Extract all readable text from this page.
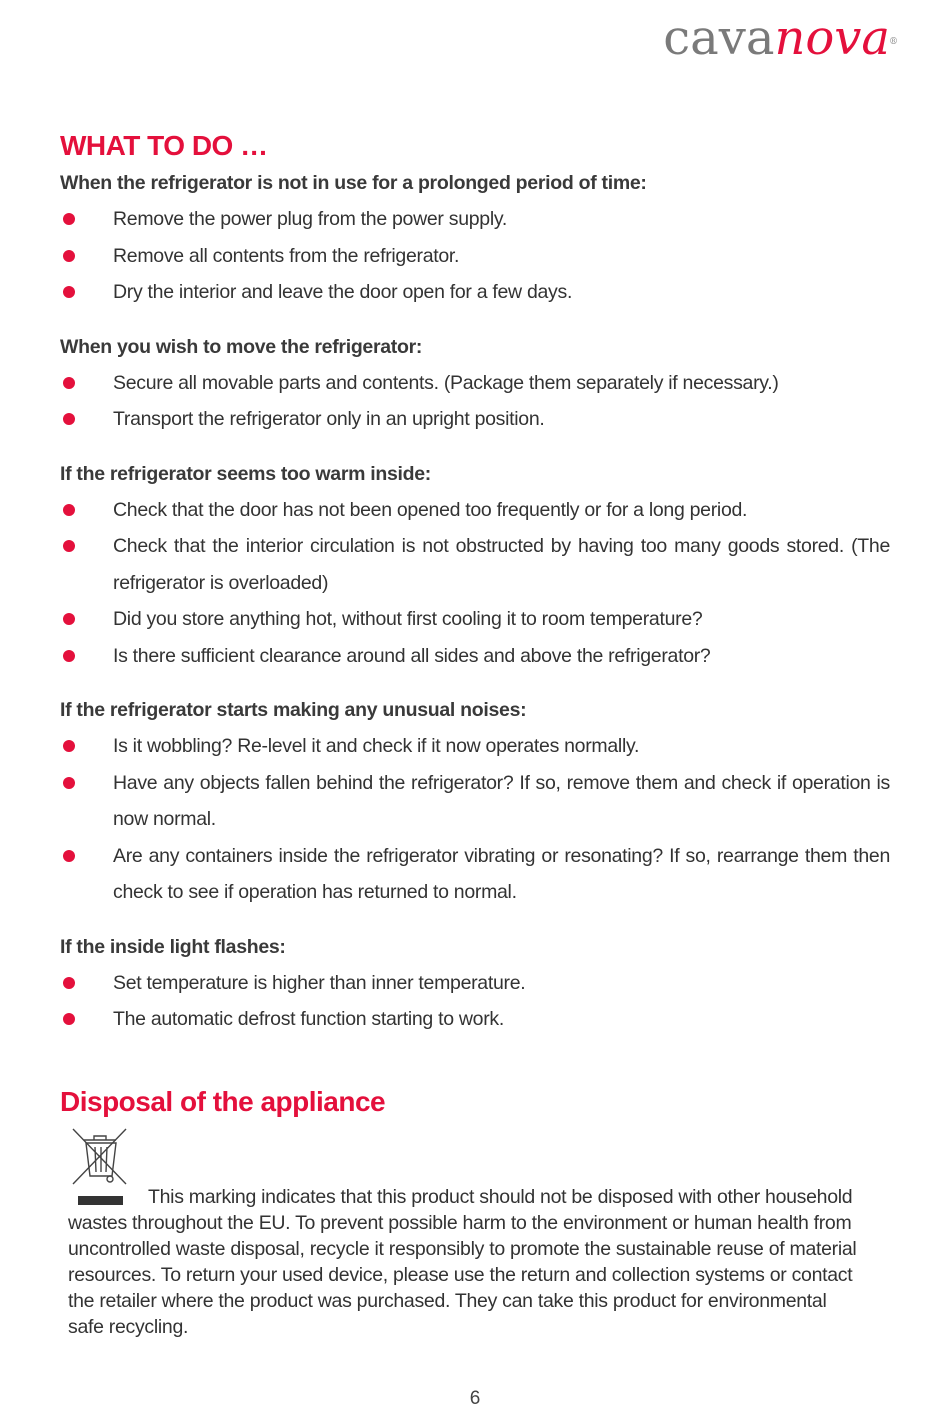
cavanova ®
WHAT TO DO …
When the refrigerator is not in use for a prolonged period of time:
Remove the power plug from the power supply.
Remove all contents from the refrigerator.
Dry the interior and leave the door open for a few days.
When you wish to move the refrigerator:
Secure all movable parts and contents. (Package them separately if necessary.)
Transport the refrigerator only in an upright position.
If the refrigerator seems too warm inside:
Check that the door has not been opened too frequently or for a long period.
Check that the interior circulation is not obstructed by having too many goods stored. (The refrigerator is overloaded)
Did you store anything hot, without first cooling it to room temperature?
Is there sufficient clearance around all sides and above the refrigerator?
If the refrigerator starts making any unusual noises:
Is it wobbling? Re-level it and check if it now operates normally.
Have any objects fallen behind the refrigerator? If so, remove them and check if operation is now normal.
Are any containers inside the refrigerator vibrating or resonating? If so, rearrange them then check to see if operation has returned to normal.
If the inside light flashes:
Set temperature is higher than inner temperature.
The automatic defrost function starting to work.
Disposal of the appliance

This marking indicates that this product should not be disposed with other household wastes throughout the EU. To prevent possible harm to the environment or human health from uncontrolled waste disposal, recycle it responsibly to promote the sustainable reuse of material resources. To return your used device, please use the return and collection systems or contact the retailer where the product was purchased. They can take this product for environmental safe recycling.

6
